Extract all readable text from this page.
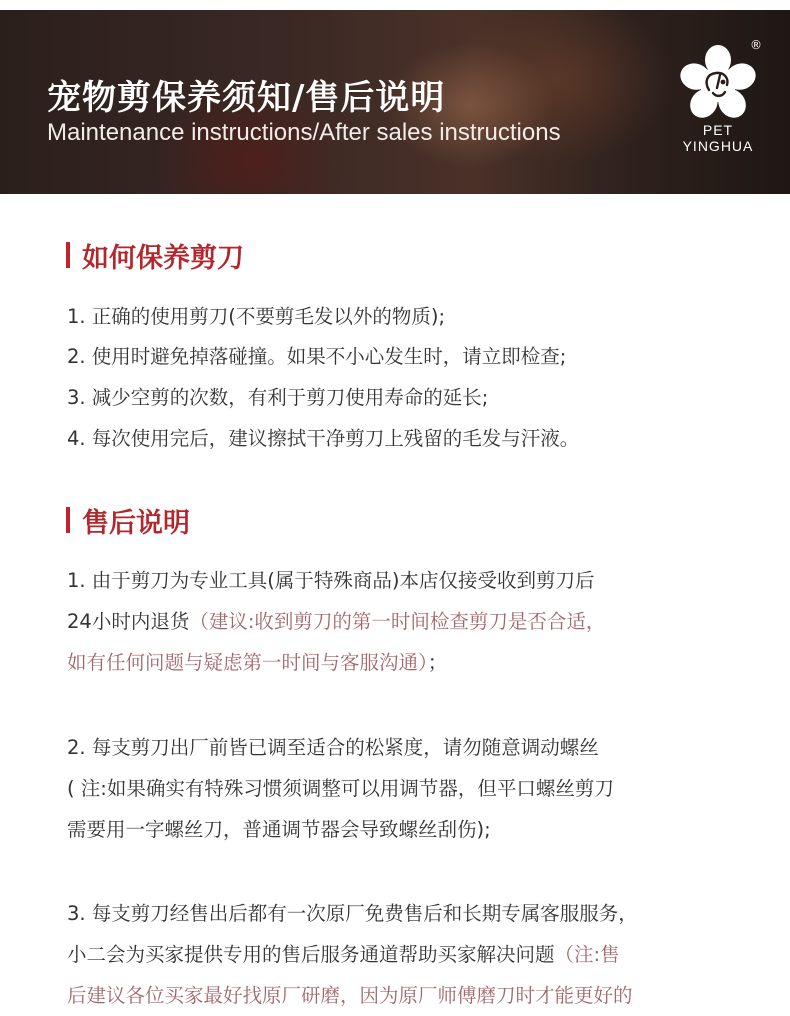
宠物剪保养须知/售后说明
Maintenance instructions/After sales instructions
®
PET
YINGHUA
如何保养剪刀
1. 正确的使用剪刀(不要剪毛发以外的物质);
2. 使用时避免掉落碰撞。如果不小心发生时，请立即检查;
3. 减少空剪的次数，有利于剪刀使用寿命的延长;
4. 每次使用完后，建议擦拭干净剪刀上残留的毛发与汗液。
售后说明
1. 由于剪刀为专业工具(属于特殊商品)本店仅接受收到剪刀后
24小时内退货（建议:收到剪刀的第一时间检查剪刀是否合适，
如有任何问题与疑虑第一时间与客服沟通）；
2. 每支剪刀出厂前皆已调至适合的松紧度，请勿随意调动螺丝
( 注:如果确实有特殊习惯须调整可以用调节器，但平口螺丝剪刀
需要用一字螺丝刀，普通调节器会导致螺丝刮伤);
3. 每支剪刀经售出后都有一次原厂免费售后和长期专属客服服务，
小二会为买家提供专用的售后服务通道帮助买家解决问题（注:售
后建议各位买家最好找原厂研磨，因为原厂师傅磨刀时才能更好的
